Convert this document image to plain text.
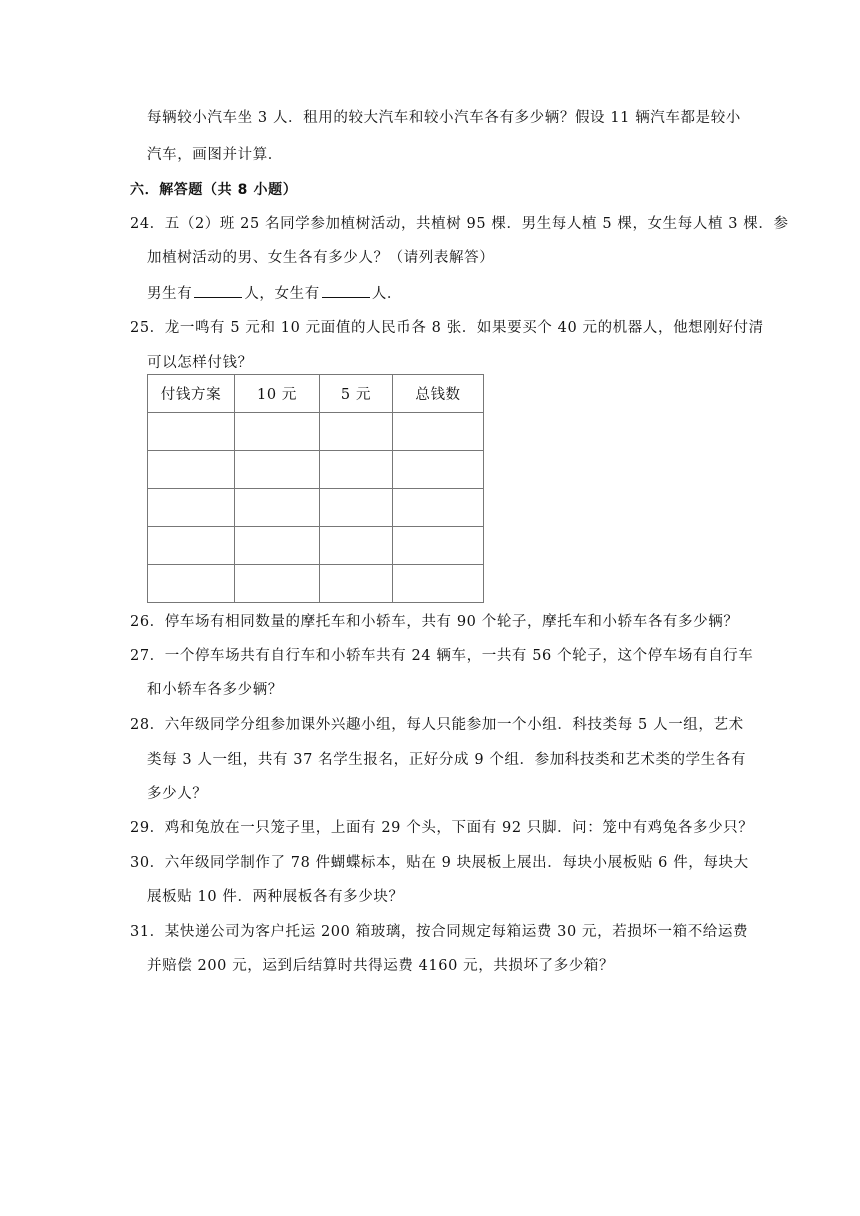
每辆较小汽车坐 3 人．租用的较大汽车和较小汽车各有多少辆？假设 11 辆汽车都是较小
汽车，画图并计算．
六．解答题（共 8 小题）
24．五（2）班 25 名同学参加植树活动，共植树 95 棵．男生每人植 5 棵，女生每人植 3 棵．参
加植树活动的男、女生各有多少人？（请列表解答）
男生有	人，女生有	人．
25．龙一鸣有 5 元和 10 元面值的人民币各 8 张．如果要买个 40 元的机器人，他想刚好付清
可以怎样付钱？
付钱方案	10 元	5 元	总钱数

26．停车场有相同数量的摩托车和小轿车，共有 90 个轮子，摩托车和小轿车各有多少辆？
27．一个停车场共有自行车和小轿车共有 24 辆车，一共有 56 个轮子，这个停车场有自行车
和小轿车各多少辆？
28．六年级同学分组参加课外兴趣小组，每人只能参加一个小组．科技类每 5 人一组，艺术
类每 3 人一组，共有 37 名学生报名，正好分成 9 个组．参加科技类和艺术类的学生各有
多少人？
29．鸡和兔放在一只笼子里，上面有 29 个头，下面有 92 只脚．问：笼中有鸡兔各多少只？
30．六年级同学制作了 78 件蝴蝶标本，贴在 9 块展板上展出．每块小展板贴 6 件，每块大
展板贴 10 件．两种展板各有多少块？
31．某快递公司为客户托运 200 箱玻璃，按合同规定每箱运费 30 元，若损坏一箱不给运费
并赔偿 200 元，运到后结算时共得运费 4160 元，共损坏了多少箱？
